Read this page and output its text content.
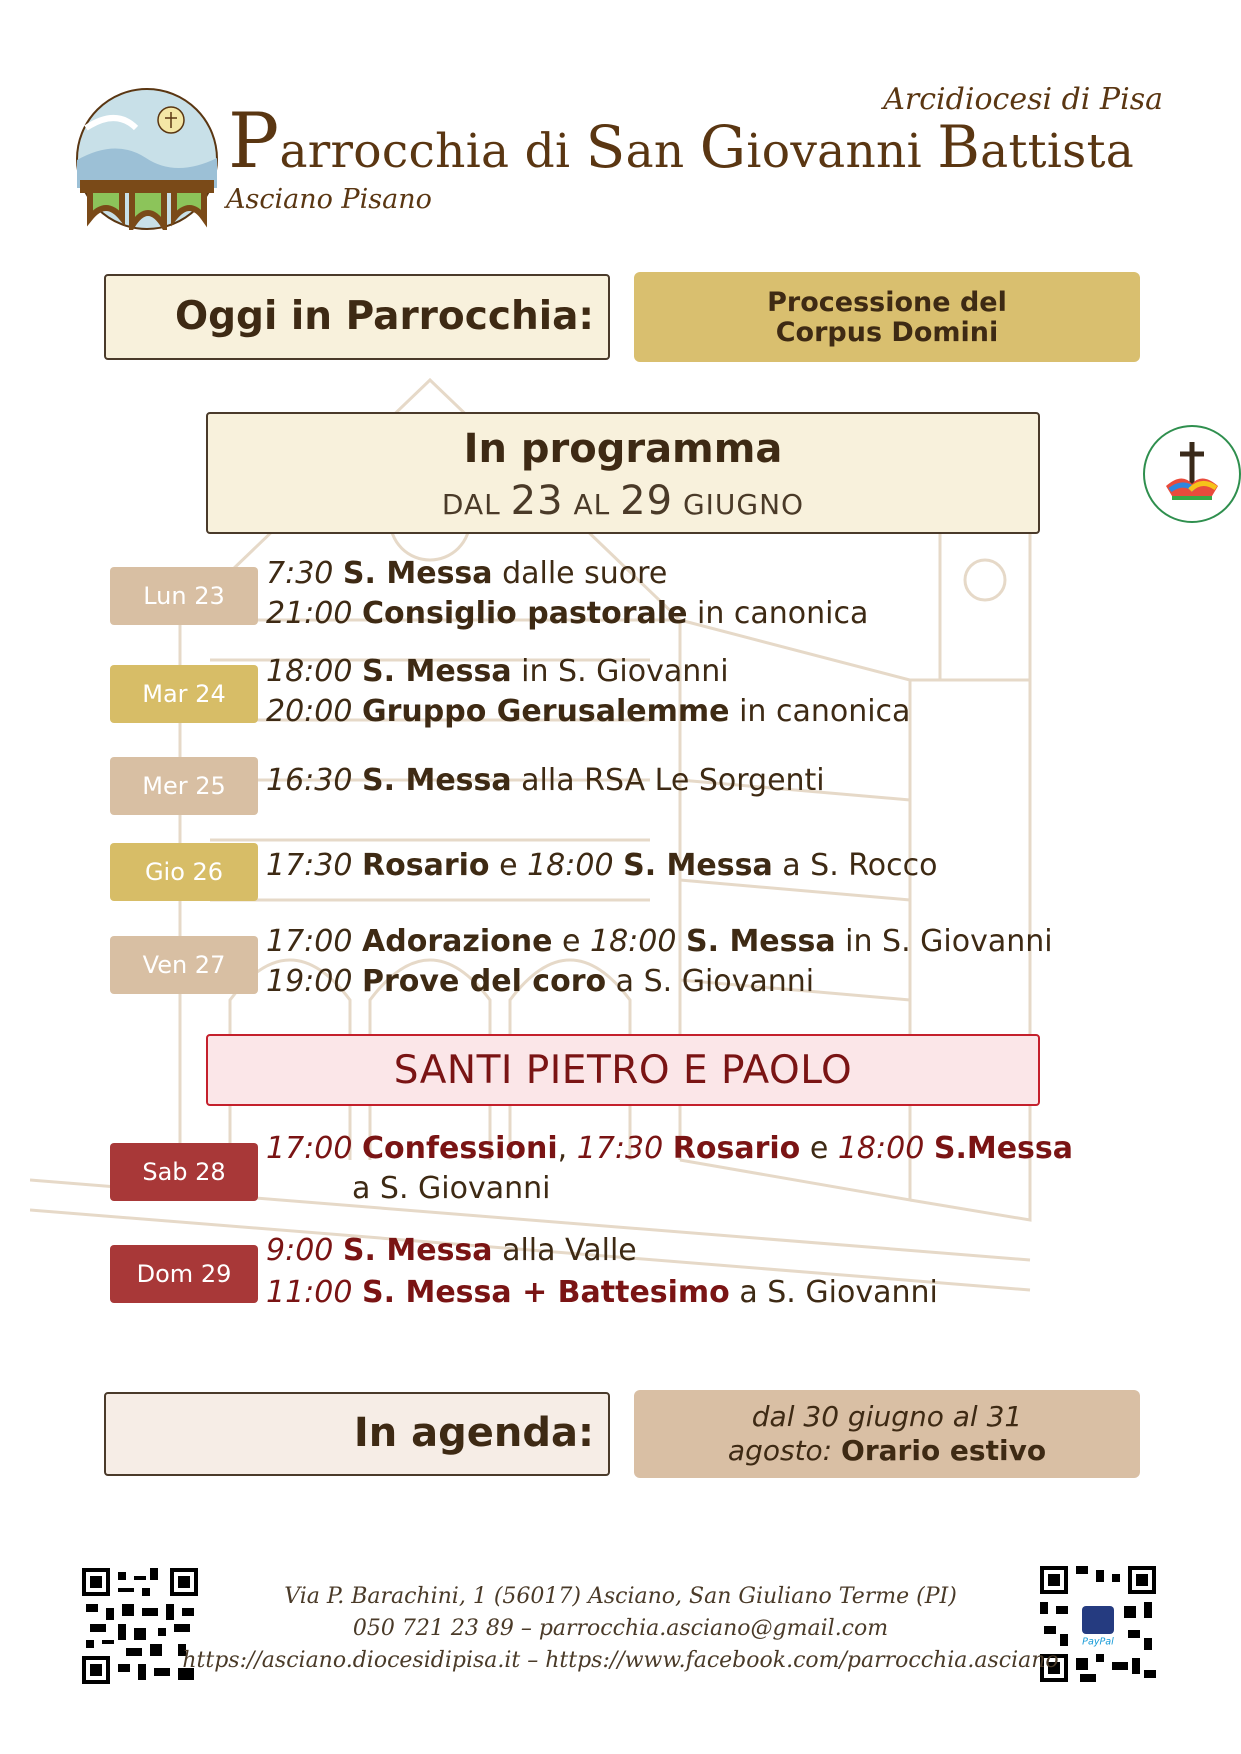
Parrocchia di San Giovanni Battista
Arcidiocesi di Pisa
Asciano Pisano
Oggi in Parrocchia:	Processione del
Corpus Domini
In programma
DAL 23 AL 29 GIUGNO
Lun 23
7:30 S. Messa dalle suore
21:00 Consiglio pastorale in canonica
Mar 24
18:00 S. Messa in S. Giovanni
20:00 Gruppo Gerusalemme in canonica
Mer 25	16:30 S. Messa alla RSA Le Sorgenti
Gio 26	17:30 Rosario e 18:00 S. Messa a S. Rocco
Ven 27
17:00 Adorazione e 18:00 S. Messa in S. Giovanni
19:00 Prove del coro a S. Giovanni
SANTI PIETRO E PAOLO
Sab 28
17:00 Confessioni, 17:30 Rosario e 18:00 S.Messa
a S. Giovanni
Dom 29
9:00 S. Messa alla Valle
11:00 S. Messa + Battesimo a S. Giovanni
In agenda:	dal 30 giugno al 31
agosto: Orario estivo
PayPal
Via P. Barachini, 1 (56017) Asciano, San Giuliano Terme (PI)
050 721 23 89 – parrocchia.asciano@gmail.com
https://asciano.diocesidipisa.it – https://www.facebook.com/parrocchia.asciano
